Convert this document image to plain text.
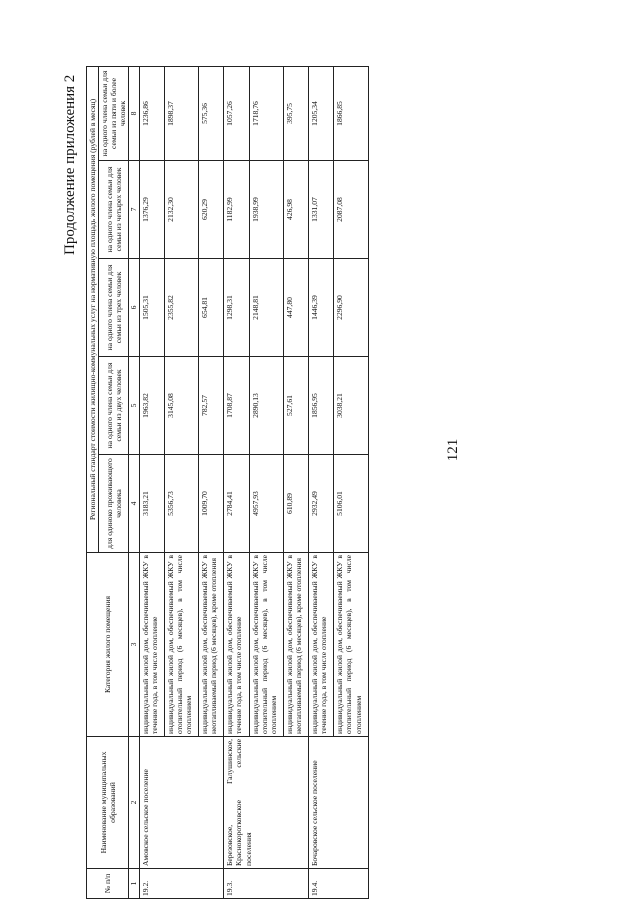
121
Продолжение приложения 2
№ п/п	Наименование муниципальных образований	Категория жилого помещения	Региональный стандарт стоимости жилищно-коммунальных услуг на нормативную площадь жилого помещения (рублей в месяц)				
			для одиноко проживающего человека	на одного члена семьи для семьи из двух человек	на одного члена семьи для семьи из трех человек	на одного члена семьи для семьи из четырех человек	на одного члена семьи для семьи из пяти и более человек
1	2	3	4	5	6	7	8
19.2.	Амовское сельское поселение	индивидуальный жилой дом, обеспечиваемый ЖКУ в течение года, в том числе отопление	3183,21	1963,82	1505,31	1376,29	1236,86
		индивидуальный жилой дом, обеспечиваемый ЖКУ в отопительный период (6 месяцев), в том числе отоплением	5356,73	3145,08	2355,82	2132,30	1898,37
		индивидуальный жилой дом, обеспечиваемый ЖКУ в неотапливаемый период (6 месяцев), кроме отопления	1009,70	782,57	654,81	620,29	575,36
19.3.	Березовское, Галушинское, Краснокоротковское сельские поселения	индивидуальный жилой дом, обеспечиваемый ЖКУ в течение года, в том числе отопление	2784,41	1708,87	1298,31	1182,99	1057,26
		индивидуальный жилой дом, обеспечиваемый ЖКУ в отопительный период (6 месяцев), в том числе отоплением	4957,93	2890,13	2148,81	1938,99	1718,76
		индивидуальный жилой дом, обеспечиваемый ЖКУ в неотапливаемый период (6 месяцев), кроме отопления	610,89	527,61	447,80	426,98	395,75
19.4.	Бочаровское сельское поселение	индивидуальный жилой дом, обеспечиваемый ЖКУ в течение года, в том числе отопление	2932,49	1856,95	1446,39	1331,07	1205,34
		индивидуальный жилой дом, обеспечиваемый ЖКУ в отопительный период (6 месяцев), в том числе отоплением	5106,01	3038,21	2296,90	2087,08	1866,85
